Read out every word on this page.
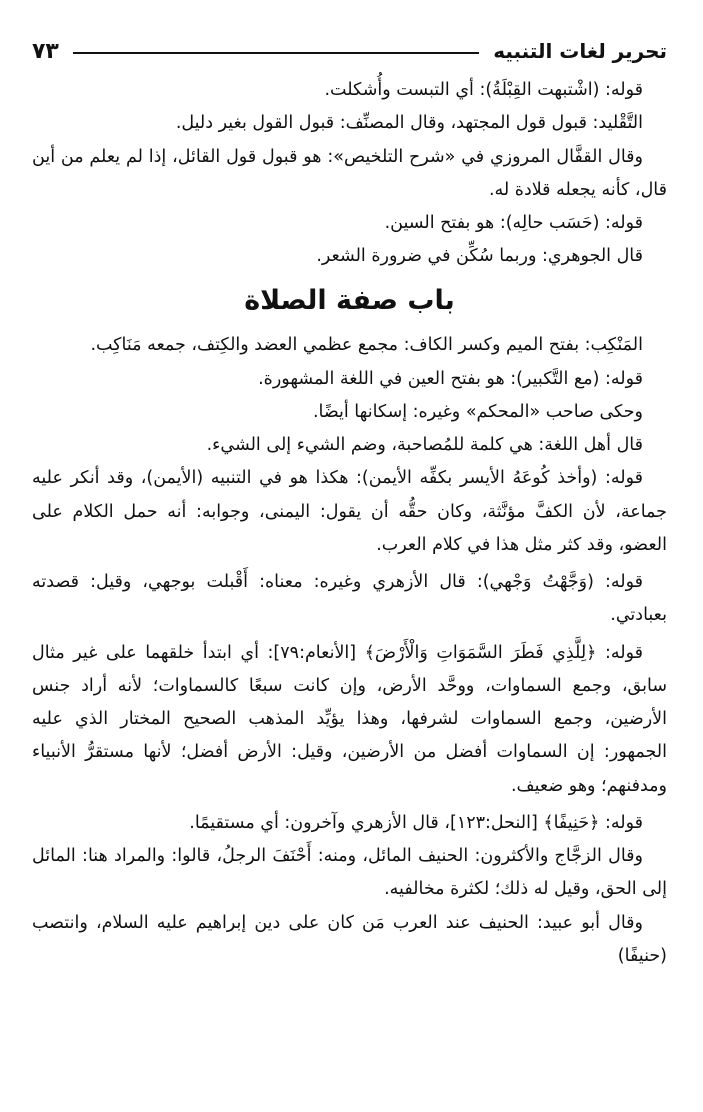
تحرير لغات التنبيه
٧٣

قوله: (اشْتبهت القِبْلَةُ): أي التبست وأُشكلت.

التَّقْليد: قبول قول المجتهد، وقال المصنِّف: قبول القول بغير دليل.

وقال القفَّال المروزي في «شرح التلخيص»: هو قبول قول القائل، إذا لم يعلم من أين قال، كأنه يجعله قلادة له.

قوله: (حَسَب حالِه): هو بفتح السين.

قال الجوهري: وربما سُكِّن في ضرورة الشعر.

باب صفة الصلاة

المَنْكِب: بفتح الميم وكسر الكاف: مجمع عظمي العضد والكِتف، جمعه مَنَاكِب.

قوله: (مع التَّكبير): هو بفتح العين في اللغة المشهورة.

وحكى صاحب «المحكم» وغيره: إسكانها أيضًا.

قال أهل اللغة: هي كلمة للمُصاحبة، وضم الشيء إلى الشيء.

قوله: (وأخذ كُوعَهُ الأيسر بكفِّه الأيمن): هكذا هو في التنبيه (الأيمن)، وقد أنكر عليه جماعة، لأن الكفَّ مؤنَّثة، وكان حقُّه أن يقول: اليمنى، وجوابه: أنه حمل الكلام على العضو، وقد كثر مثل هذا في كلام العرب.

قوله: (وَجَّهْتُ وَجْهي): قال الأزهري وغيره: معناه: أَقْبلت بوجهي، وقيل: قصدته بعبادتي.

قوله: ﴿لِلَّذِي فَطَرَ السَّمَوَاتِ وَالْأَرْضَ﴾ [الأنعام:٧٩]: أي ابتدأ خلقهما على غير مثال سابق، وجمع السماوات، ووحَّد الأرض، وإن كانت سبعًا كالسماوات؛ لأنه أراد جنس الأرضين، وجمع السماوات لشرفها، وهذا يؤيِّد المذهب الصحيح المختار الذي عليه الجمهور: إن السماوات أفضل من الأرضين، وقيل: الأرض أفضل؛ لأنها مستقرُّ الأنبياء ومدفنهم؛ وهو ضعيف.

قوله: ﴿حَنِيفًا﴾ [النحل:١٢٣]، قال الأزهري وآخرون: أي مستقيمًا.

وقال الزجَّاج والأكثرون: الحنيف المائل، ومنه: أَحْنَفَ الرجلُ، قالوا: والمراد هنا: المائل إلى الحق، وقيل له ذلك؛ لكثرة مخالفيه.

وقال أبو عبيد: الحنيف عند العرب مَن كان على دين إبراهيم عليه السلام، وانتصب (حنيفًا)
